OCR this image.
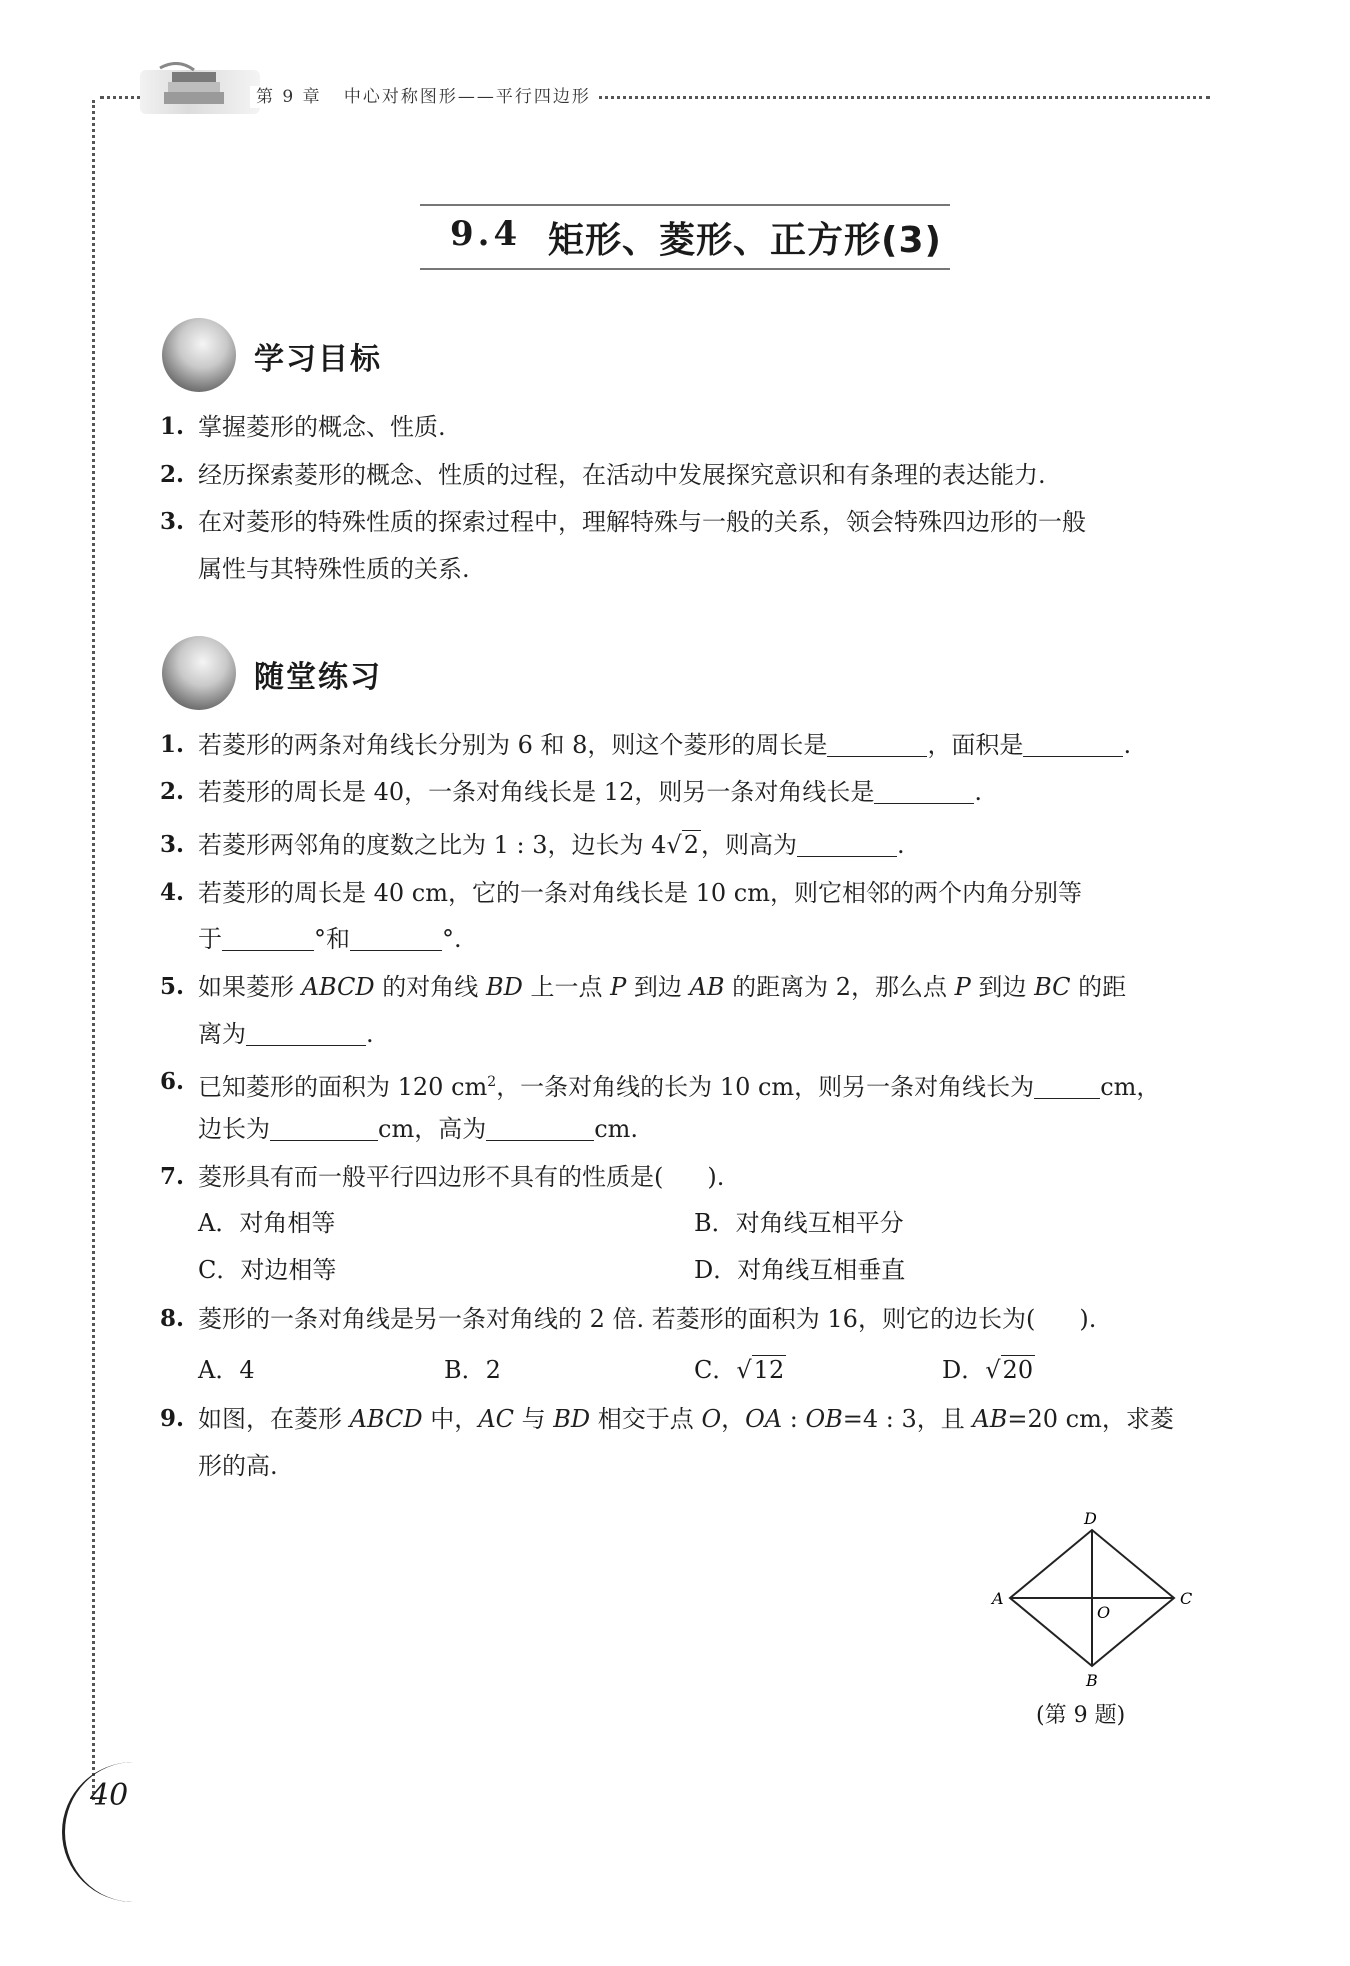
第 9 章 中心对称图形——平行四边形
9.4 矩形、菱形、正方形(3)
学习目标
1. 掌握菱形的概念、性质.
2. 经历探索菱形的概念、性质的过程，在活动中发展探究意识和有条理的表达能力.
3. 在对菱形的特殊性质的探索过程中，理解特殊与一般的关系，领会特殊四边形的一般
属性与其特殊性质的关系.
随堂练习
1. 若菱形的两条对角线长分别为 6 和 8，则这个菱形的周长是	，面积是	.
2. 若菱形的周长是 40，一条对角线长是 12，则另一条对角线长是	.
3. 若菱形两邻角的度数之比为 1 : 3，边长为 4√2，则高为	.
4. 若菱形的周长是 40 cm，它的一条对角线长是 10 cm，则它相邻的两个内角分别等
于	°和	°.
5. 如果菱形 ABCD 的对角线 BD 上一点 P 到边 AB 的距离为 2，那么点 P 到边 BC 的距
离为	.
6. 已知菱形的面积为 120 $cm^2$，一条对角线的长为 10 cm，则另一条对角线长为	cm，
边长为	cm，高为	cm.
7. 菱形具有而一般平行四边形不具有的性质是( ).
A．对角相等	B．对角线互相平分
C．对边相等	D．对角线互相垂直
8. 菱形的一条对角线是另一条对角线的 2 倍. 若菱形的面积为 16，则它的边长为( ).
A．4	B．2	C．√12	D．√20
9. 如图，在菱形 ABCD 中，AC 与 BD 相交于点 O，OA : OB=4 : 3，且 AB=20 cm，求菱
形的高.
D
A	C
O
B
(第 9 题)
40
